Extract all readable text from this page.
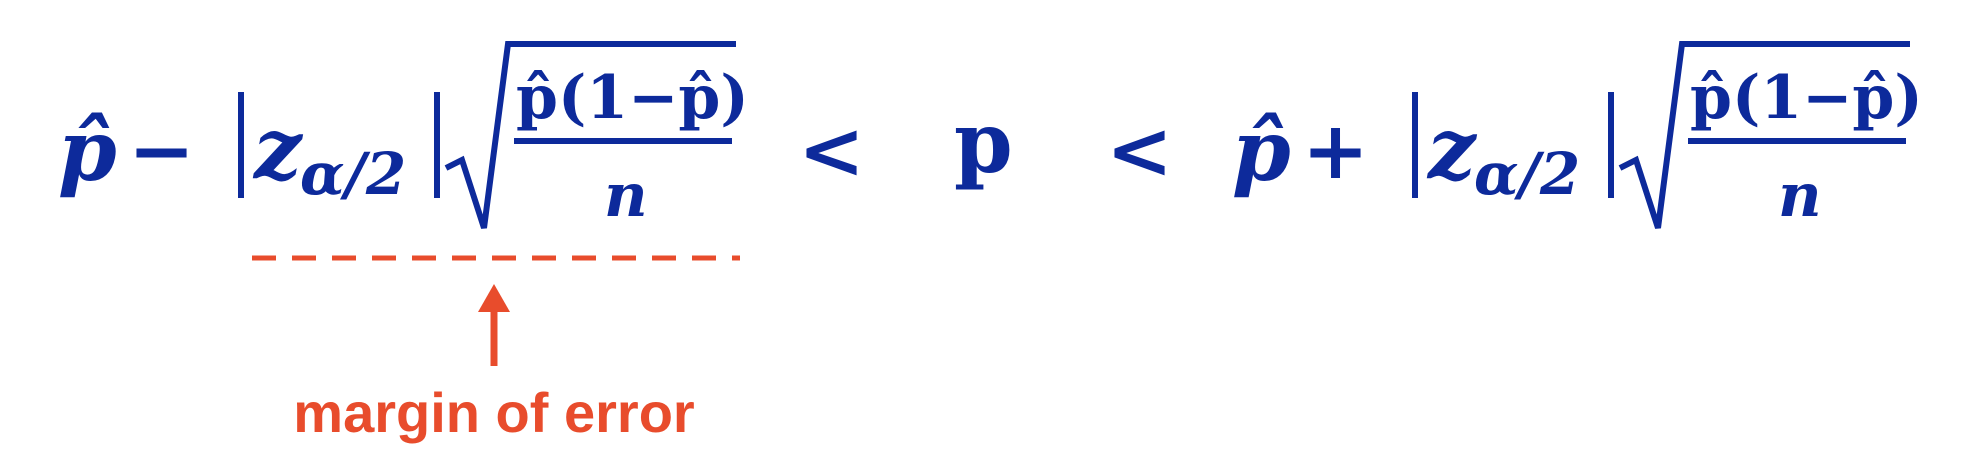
p̂ − z
α/2
p̂(1−p̂)
n < p < p̂ + z
α/2
p̂(1−p̂)
n
margin of error
